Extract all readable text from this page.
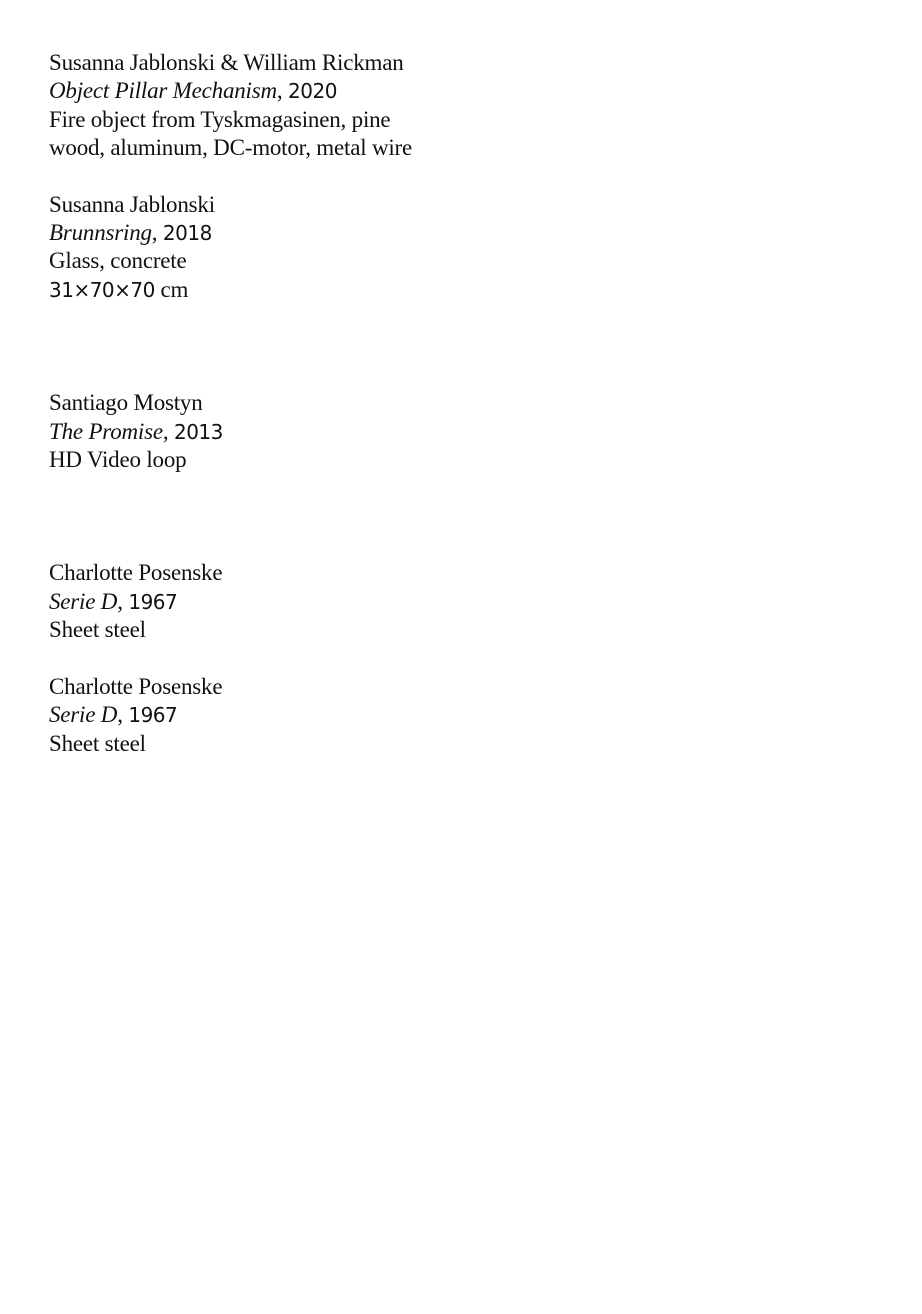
Susanna Jablonski & William Rickman
Object Pillar Mechanism, 2020
Fire object from Tyskmagasinen, pine
wood, aluminum, DC-motor, metal wire
Susanna Jablonski
Brunnsring, 2018
Glass, concrete
31×70×70 cm
Santiago Mostyn
The Promise, 2013
HD Video loop
Charlotte Posenske
Serie D, 1967
Sheet steel
Charlotte Posenske
Serie D, 1967
Sheet steel
